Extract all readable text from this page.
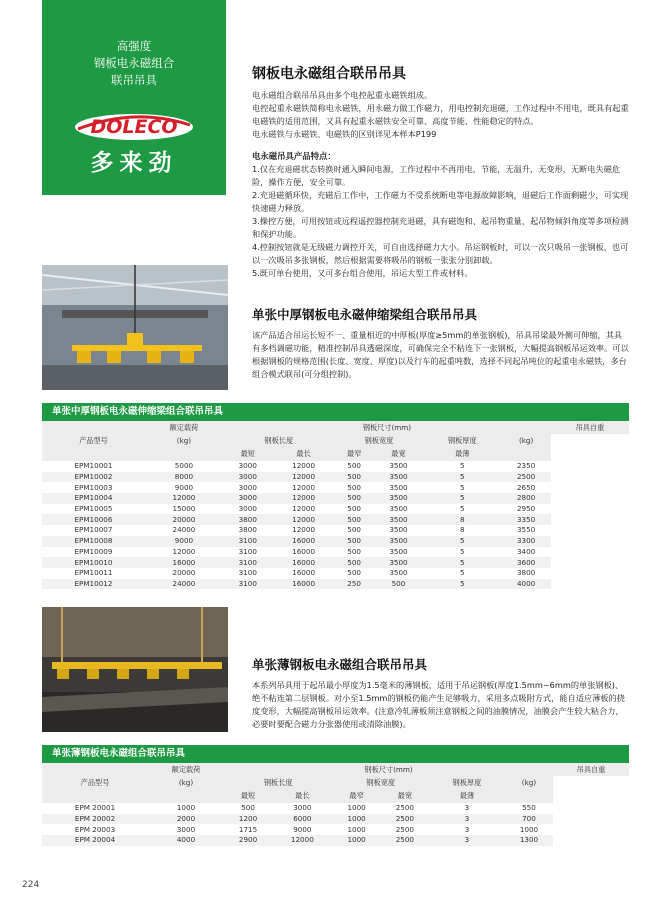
高强度
钢板电永磁组合
联吊吊具
DOLECO
多来劲
钢板电永磁组合联吊吊具

电永磁组合联吊吊具由多个电控起重永磁铁组成。

电控起重永磁铁简称电永磁铁，用永磁力做工作磁力，用电控制充退磁，工作过程中不用电，既具有起重电磁铁的适用范围，又具有起重永磁铁安全可靠、高度节能、性能稳定的特点。

电永磁铁与永磁铁、电磁铁的区别详见本样本P199

电永磁吊具产品特点：

1.仅在充退磁状态转换时通入瞬间电源，工作过程中不再用电，节能，无温升，无变形，无断电失磁危险，操作方便，安全可靠。

2.充退磁循环快，充磁后工作中，工作磁力不受系统断电等电源故障影响，退磁后工作面剩磁少，可实现快速磁力释放。

3.操控方便，可用按钮或远程遥控器控制充退磁，具有磁饱和、起吊物重量、起吊物倾斜角度等多项检测和保护功能。

4.控制按钮就是无级磁力调控开关，可自由选择磁力大小。吊运钢板时，可以一次只吸吊一张钢板，也可以一次吸吊多张钢板，然后根据需要将吸吊的钢板一张张分别卸载。

5.既可单台使用，又可多台组合使用，吊运大型工件或材料。

单张中厚钢板电永磁伸缩梁组合联吊吊具

该产品适合吊运长短不一、重量相近的中厚板(厚度≥5mm的单张钢板)，吊具吊梁最外侧可伸缩，其具有多档调磁功能，精准控制吊具透磁深度，可确保完全不粘连下一张钢板，大幅提高钢板吊运效率。可以根据钢板的规格范围(长度、宽度、厚度)以及行车的起重吨数，选择不同起吊吨位的起重电永磁铁，多台组合模式联吊(可分组控制)。

单张中厚钢板电永磁伸缩梁组合联吊吊具
产品型号	额定载荷	钢板尺寸(mm)						吊具自重
	(kg)	钢板长度		钢板宽度		钢板厚度	(kg)	
		最短	最长	最窄	最宽	最薄		
EPM10001	5000	3000	12000	500	3500	5	2350	
EPM10002	8000	3000	12000	500	3500	5	2500	
EPM10003	9000	3000	12000	500	3500	5	2650	
EPM10004	12000	3000	12000	500	3500	5	2800	
EPM10005	15000	3000	12000	500	3500	5	2950	
EPM10006	20000	3800	12000	500	3500	8	3350	
EPM10007	24000	3800	12000	500	3500	8	3550	
EPM10008	9000	3100	16000	500	3500	5	3300	
EPM10009	12000	3100	16000	500	3500	5	3400	
EPM10010	16000	3100	16000	500	3500	5	3600	
EPM10011	20000	3100	16000	500	3500	5	3800	
EPM10012	24000	3100	16000	250	500	5	4000	
单张薄钢板电永磁组合联吊吊具

本系列吊具用于起吊最小厚度为1.5毫米的薄钢板，适用于吊运钢板(厚度1.5mm~6mm的单张钢板)、绝不粘连第二层钢板。对小至1.5mm的钢板仍能产生足够吸力，采用多点吸附方式，能自适应薄板的挠度变形，大幅提高钢板吊运效率。(注意冷轧薄板须注意钢板之间的油膜情况，油膜会产生较大粘合力，必要时要配合磁力分张器使用或清除油膜)。

单张薄钢板电永磁组合联吊吊具
产品型号	额定载荷	钢板尺寸(mm)						吊具自重
	(kg)	钢板长度		钢板宽度		钢板厚度	(kg)	
		最短	最长	最窄	最宽	最薄		
EPM 20001	1000	500	3000	1000	2500	3	550	
EPM 20002	2000	1200	6000	1000	2500	3	700	
EPM 20003	3000	1715	9000	1000	2500	3	1000	
EPM 20004	4000	2900	12000	1000	2500	3	1300	
224
